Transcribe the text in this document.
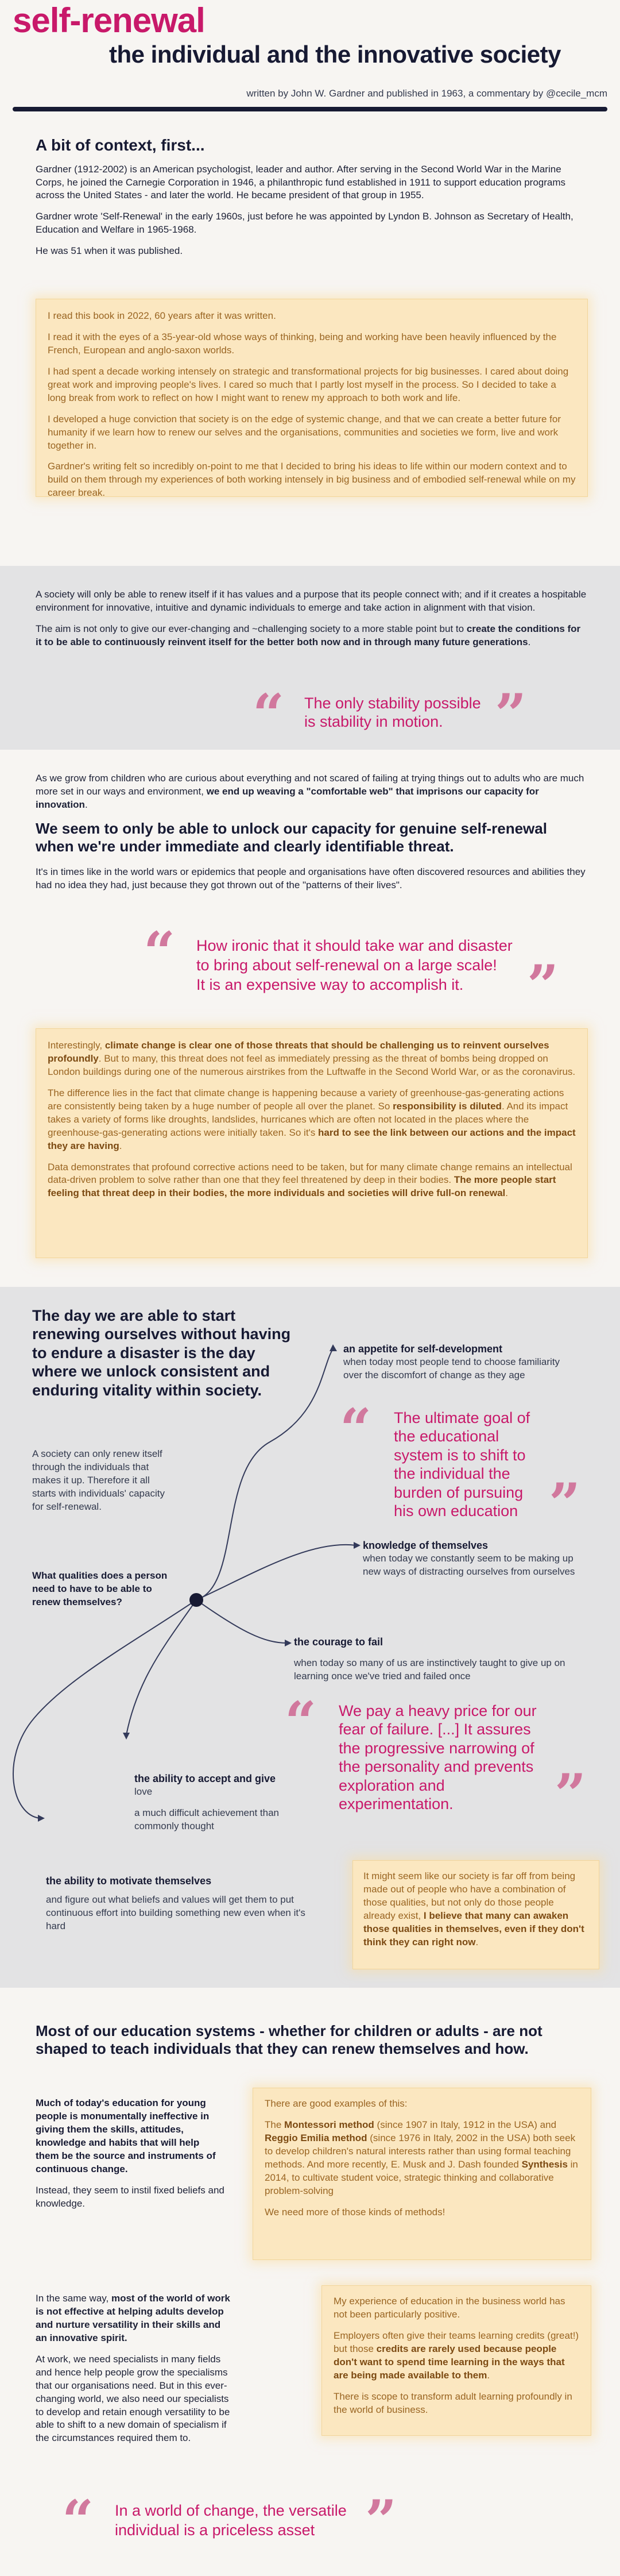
self-renewal
the individual and the innovative society
written by John W. Gardner and published in 1963, a commentary by @cecile_mcm
A bit of context, first...

Gardner (1912-2002) is an American psychologist, leader and author. After serving in the Second World War in the Marine Corps, he joined the Carnegie Corporation in 1946, a philanthropic fund established in 1911 to support education programs across the United States - and later the world. He became president of that group in 1955.

Gardner wrote 'Self-Renewal' in the early 1960s, just before he was appointed by Lyndon B. Johnson as Secretary of Health, Education and Welfare in 1965-1968.

He was 51 when it was published.

I read this book in 2022, 60 years after it was written.

I read it with the eyes of a 35-year-old whose ways of thinking, being and working have been heavily influenced by the French, European and anglo-saxon worlds.

I had spent a decade working intensely on strategic and transformational projects for big businesses. I cared about doing great work and improving people's lives. I cared so much that I partly lost myself in the process. So I decided to take a long break from work to reflect on how I might want to renew my approach to both work and life.

I developed a huge conviction that society is on the edge of systemic change, and that we can create a better future for humanity if we learn how to renew our selves and the organisations, communities and societies we form, live and work together in.

Gardner's writing felt so incredibly on-point to me that I decided to bring his ideas to life within our modern context and to build on them through my experiences of both working intensely in big business and of embodied self-renewal while on my career break.

A society will only be able to renew itself if it has values and a purpose that its people connect with; and if it creates a hospitable environment for innovative, intuitive and dynamic individuals to emerge and take action in alignment with that vision.

The aim is not only to give our ever-changing and ~challenging society to a more stable point but to create the conditions for it to be able to continuously reinvent itself for the better both now and in through many future generations.

“ The only stability possible
is stability in motion. ”

As we grow from children who are curious about everything and not scared of failing at trying things out to adults who are much more set in our ways and environment, we end up weaving a "comfortable web" that imprisons our capacity for innovation.

We seem to only be able to unlock our capacity for genuine self-renewal when we're under immediate and clearly identifiable threat.

It's in times like in the world wars or epidemics that people and organisations have often discovered resources and abilities they had no idea they had, just because they got thrown out of the "patterns of their lives".

“ How ironic that it should take war and disaster
to bring about self-renewal on a large scale!
It is an expensive way to accomplish it.	”

Interestingly, climate change is clear one of those threats that should be challenging us to reinvent ourselves profoundly. But to many, this threat does not feel as immediately pressing as the threat of bombs being dropped on London buildings during one of the numerous airstrikes from the Luftwaffe in the Second World War, or as the coronavirus.

The difference lies in the fact that climate change is happening because a variety of greenhouse-gas-generating actions are consistently being taken by a huge number of people all over the planet. So responsibility is diluted. And its impact takes a variety of forms like droughts, landslides, hurricanes which are often not located in the places where the greenhouse-gas-generating actions were initially taken. So it's hard to see the link between our actions and the impact they are having.

Data demonstrates that profound corrective actions need to be taken, but for many climate change remains an intellectual data-driven problem to solve rather than one that they feel threatened by deep in their bodies. The more people start feeling that threat deep in their bodies, the more individuals and societies will drive full-on renewal.

The day we are able to start renewing ourselves without having to endure a disaster is the day where we unlock consistent and enduring vitality within society.
A society can only renew itself through the individuals that makes it up. Therefore it all starts with individuals' capacity for self-renewal.
What qualities does a person need to have to be able to renew themselves?
an appetite for self-development
when today most people tend to choose familiarity over the discomfort of change as they age
“ The ultimate goal of the educational system is to shift to the individual the burden of pursuing his own education ”
knowledge of themselves
when today we constantly seem to be making up new ways of distracting ourselves from ourselves
the courage to fail
when today so many of us are instinctively taught to give up on learning once we've tried and failed once
“ We pay a heavy price for our fear of failure. [...] It assures the progressive narrowing of the personality and prevents exploration and experimentation.	”
the ability to accept and give
love
a much difficult achievement than commonly thought
the ability to motivate themselves
and figure out what beliefs and values will get them to put continuous effort into building something new even when it's hard

It might seem like our society is far off from being made out of people who have a combination of those qualities, but not only do those people already exist, I believe that many can awaken those qualities in themselves, even if they don't think they can right now.

Most of our education systems - whether for children or adults - are not shaped to teach individuals that they can renew themselves and how.

Much of today's education for young people is monumentally ineffective in giving them the skills, attitudes, knowledge and habits that will help them be the source and instruments of continuous change.

Instead, they seem to instil fixed beliefs and knowledge.

There are good examples of this:

The Montessori method (since 1907 in Italy, 1912 in the USA) and Reggio Emilia method (since 1976 in Italy, 2002 in the USA) both seek to develop children's natural interests rather than using formal teaching methods. And more recently, E. Musk and J. Dash founded Synthesis in 2014, to cultivate student voice, strategic thinking and collaborative problem-solving

We need more of those kinds of methods!

In the same way, most of the world of work is not effective at helping adults develop and nurture versatility in their skills and an innovative spirit.

At work, we need specialists in many fields and hence help people grow the specialisms that our organisations need. But in this ever-changing world, we also need our specialists to develop and retain enough versatility to be able to shift to a new domain of specialism if the circumstances required them to.

My experience of education in the business world has not been particularly positive.

Employers often give their teams learning credits (great!) but those credits are rarely used because people don't want to spend time learning in the ways that are being made available to them.

There is scope to transform adult learning profoundly in the world of business.

“ In a world of change, the versatile
individual is a priceless asset ”
